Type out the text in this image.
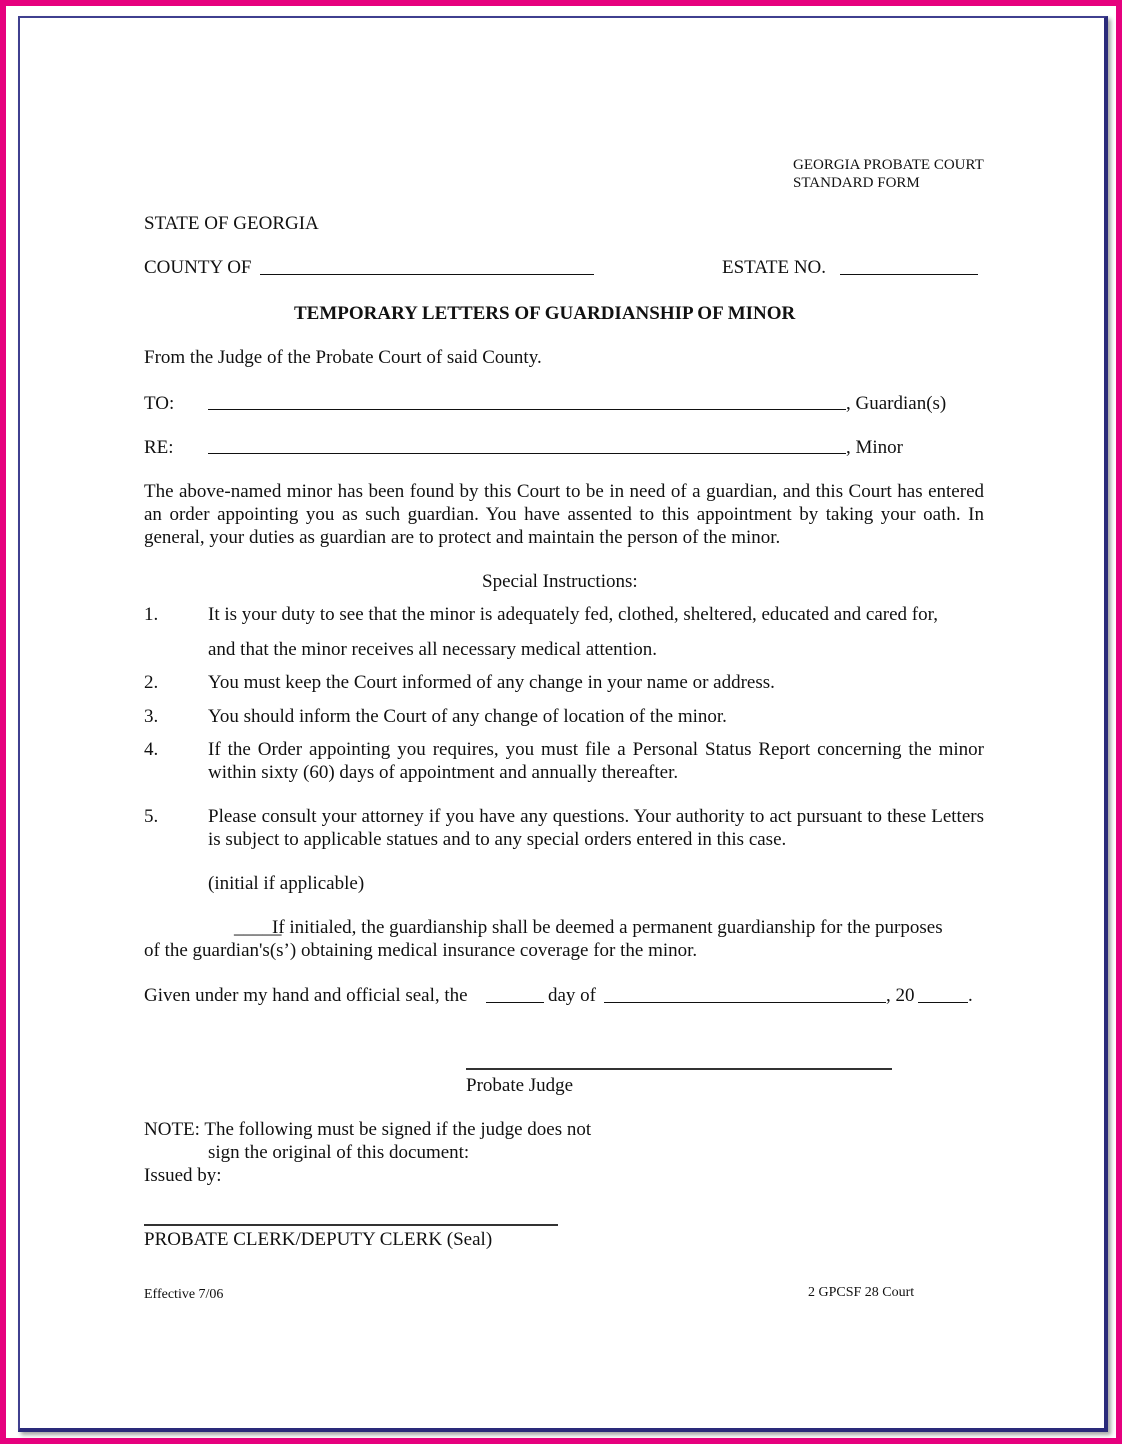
GEORGIA PROBATE COURT
STANDARD FORM
STATE OF GEORGIA
COUNTY OF	ESTATE NO.
TEMPORARY LETTERS OF GUARDIANSHIP OF MINOR
From the Judge of the Probate Court of said County.
TO:	, Guardian(s)
RE:	, Minor
The above-named minor has been found by this Court to be in need of a guardian, and this Court has entered an order appointing you as such guardian. You have assented to this appointment by taking your oath. In general, your duties as guardian are to protect and maintain the person of the minor.
Special Instructions:
1.	It is your duty to see that the minor is adequately fed, clothed, sheltered, educated and cared for,
and that the minor receives all necessary medical attention.
2.	You must keep the Court informed of any change in your name or address.
3.	You should inform the Court of any change of location of the minor.
4.	If the Order appointing you requires, you must file a Personal Status Report concerning the minor within sixty (60) days of appointment and annually thereafter.
5.	Please consult your attorney if you have any questions. Your authority to act pursuant to these Letters is subject to applicable statues and to any special orders entered in this case.
(initial if applicable)
_____
If initialed, the guardianship shall be deemed a permanent guardianship for the purposes
of the guardian's(s’) obtaining medical insurance coverage for the minor.
Given under my hand and official seal, the	day of	, 20	.
Probate Judge
NOTE: The following must be signed if the judge does not
sign the original of this document:
Issued by:
PROBATE CLERK/DEPUTY CLERK (Seal)
Effective 7/06	2 GPCSF 28 Court
